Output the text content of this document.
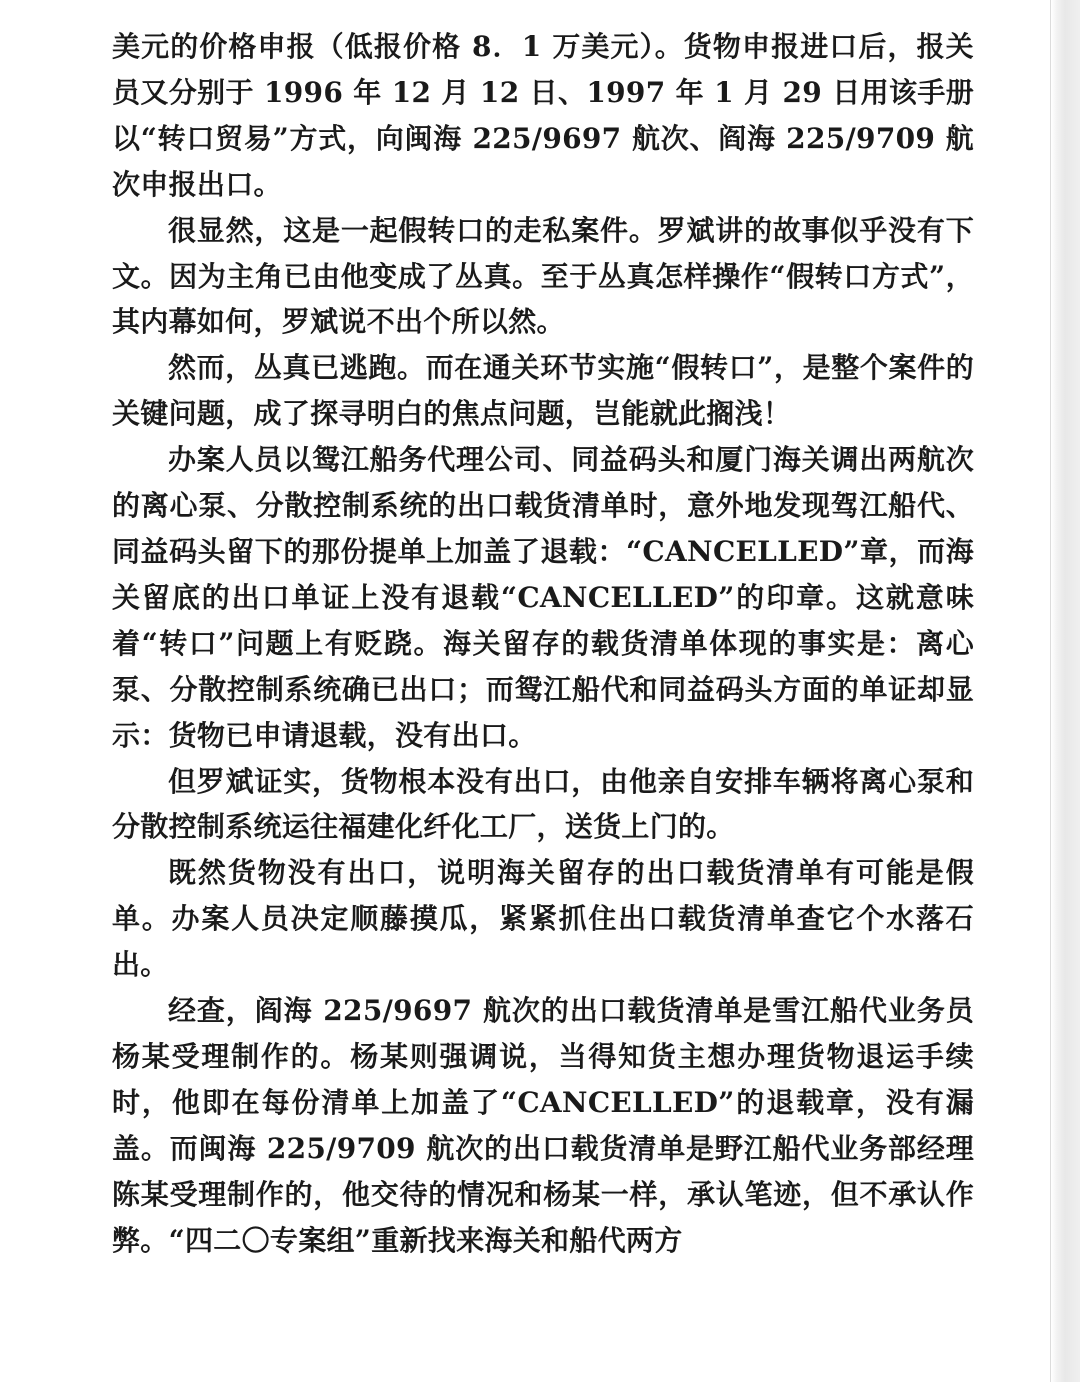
美元的价格申报（低报价格 8．1 万美元）。货物申报进口后，报关员又分别于 1996 年 12 月 12 日、1997 年 1 月 29 日用该手册以“转口贸易”方式，向闽海 225/9697 航次、阎海 225/9709 航次申报出口。

很显然，这是一起假转口的走私案件。罗斌讲的故事似乎没有下文。因为主角已由他变成了丛真。至于丛真怎样操作“假转口方式”，其内幕如何，罗斌说不出个所以然。

然而，丛真已逃跑。而在通关环节实施“假转口”，是整个案件的关键问题，成了探寻明白的焦点问题，岂能就此搁浅！

办案人员以鸳江船务代理公司、同益码头和厦门海关调出两航次的离心泵、分散控制系统的出口载货清单时，意外地发现驾江船代、同益码头留下的那份提单上加盖了退载：“CANCELLED”章，而海关留底的出口单证上没有退载“CANCELLED”的印章。这就意味着“转口”问题上有贬跷。海关留存的载货清单体现的事实是：离心泵、分散控制系统确已出口；而鸳江船代和同益码头方面的单证却显示：货物已申请退载，没有出口。

但罗斌证实，货物根本没有出口，由他亲自安排车辆将离心泵和分散控制系统运往福建化纤化工厂，送货上门的。

既然货物没有出口，说明海关留存的出口载货清单有可能是假单。办案人员决定顺藤摸瓜，紧紧抓住出口载货清单查它个水落石出。

经查，阎海 225/9697 航次的出口载货清单是雪江船代业务员杨某受理制作的。杨某则强调说，当得知货主想办理货物退运手续时，他即在每份清单上加盖了“CANCELLED”的退载章，没有漏盖。而闽海 225/9709 航次的出口载货清单是野江船代业务部经理陈某受理制作的，他交待的情况和杨某一样，承认笔迹，但不承认作弊。“四二〇专案组”重新找来海关和船代两方
